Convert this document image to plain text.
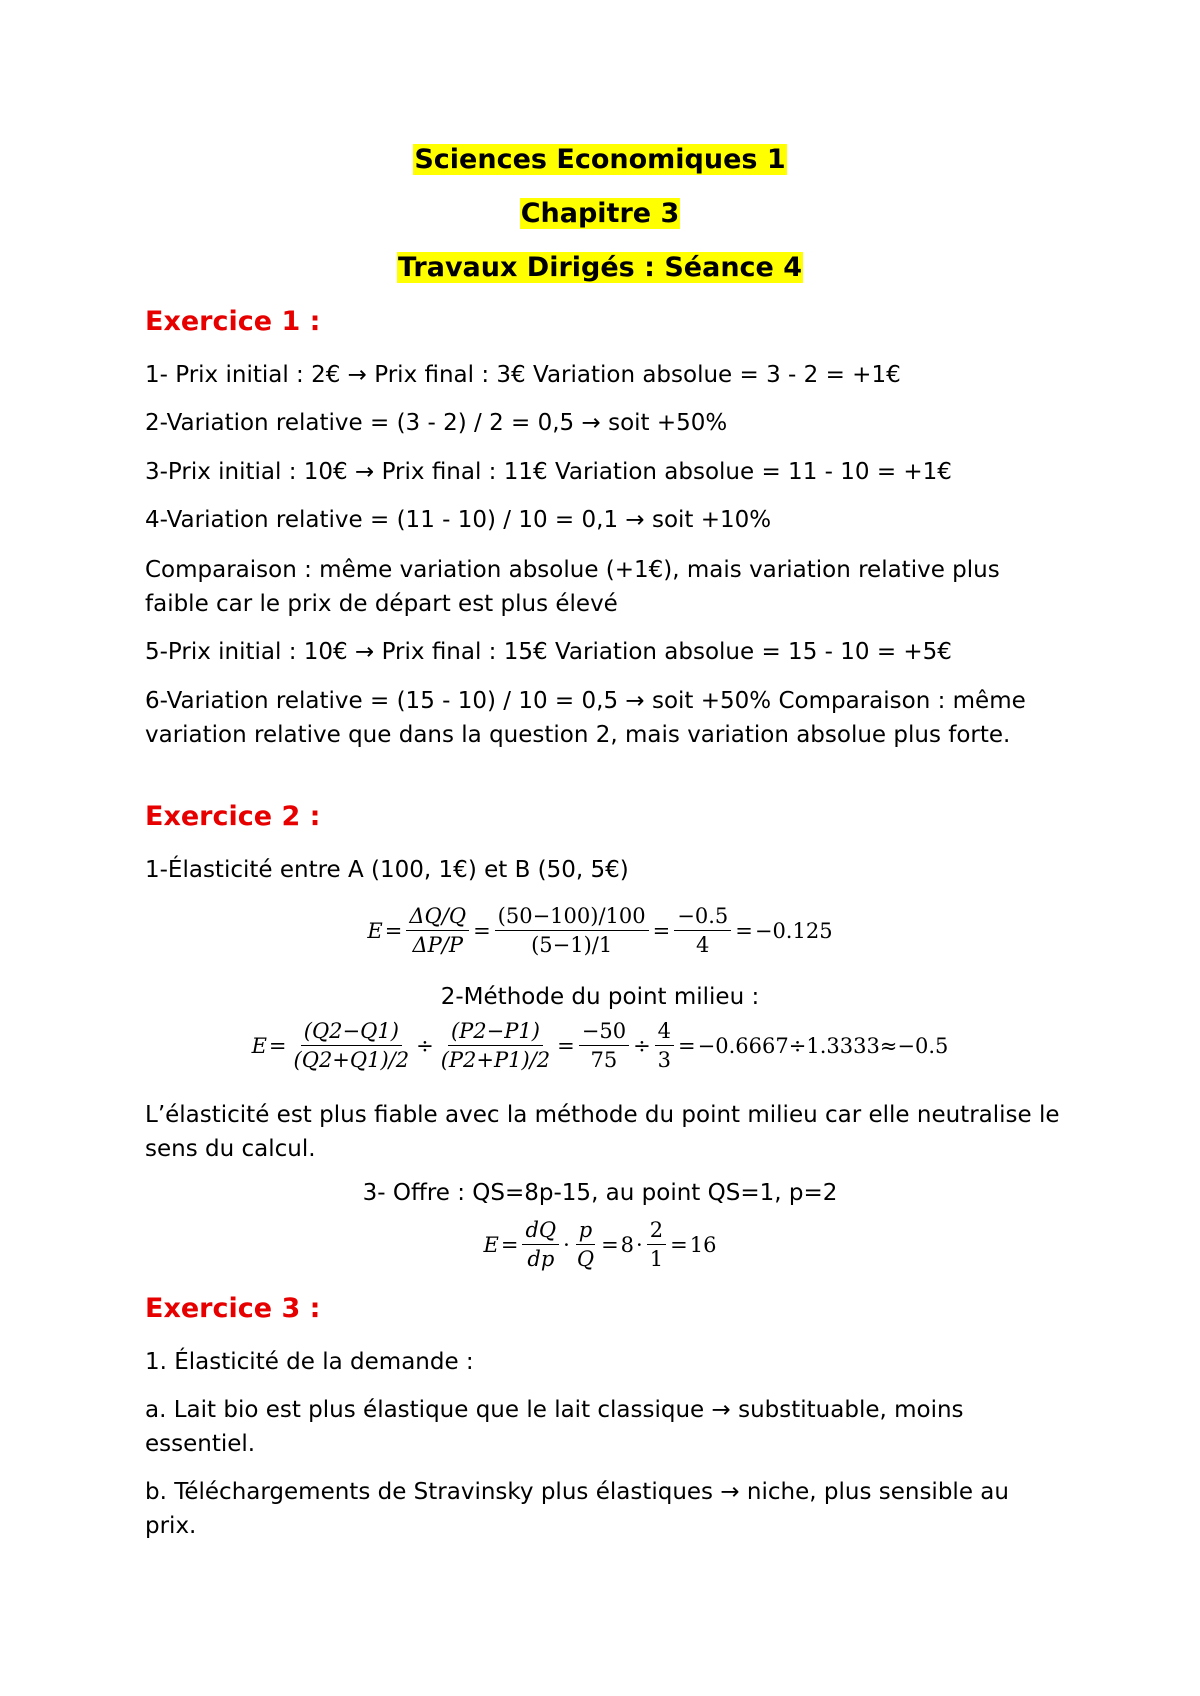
Sciences Economiques 1
Chapitre 3
Travaux Dirigés : Séance 4
Exercice 1 :
1- Prix initial : 2€ → Prix final : 3€ Variation absolue = 3 - 2 = +1€
2-Variation relative = (3 - 2) / 2 = 0,5 → soit +50%
3-Prix initial : 10€ → Prix final : 11€ Variation absolue = 11 - 10 = +1€
4-Variation relative = (11 - 10) / 10 = 0,1 → soit +10%
Comparaison : même variation absolue (+1€), mais variation relative plus faible car le prix de départ est plus élevé
5-Prix initial : 10€ → Prix final : 15€ Variation absolue = 15 - 10 = +5€
6-Variation relative = (15 - 10) / 10 = 0,5 → soit +50% Comparaison : même variation relative que dans la question 2, mais variation absolue plus forte.
Exercice 2 :
1-Élasticité entre A (100, 1€) et B (50, 5€)
$E = \frac{\Delta Q/Q}{\Delta P/P} = \frac{(50-100)/100}{(5-1)/1} = \frac{-0.5}{4} = -0.125$
2-Méthode du point milieu :
$E = \frac{(Q2-Q1)}{(Q2+Q1)/2} \div \frac{(P2-P1)}{(P2+P1)/2} = \frac{-50}{75} \div \frac{4}{3} = -0.6667\div 1.3333\approx-0.5$
L’élasticité est plus fiable avec la méthode du point milieu car elle neutralise le sens du calcul.
3- Offre : QS=8p-15, au point QS=1, p=2
$E = \frac{dQ}{dp} \cdot \frac{p}{Q} = 8 \cdot \frac{2}{1} = 16$
Exercice 3 :
1. Élasticité de la demande :
a. Lait bio est plus élastique que le lait classique → substituable, moins essentiel.
b. Téléchargements de Stravinsky plus élastiques → niche, plus sensible au prix.
